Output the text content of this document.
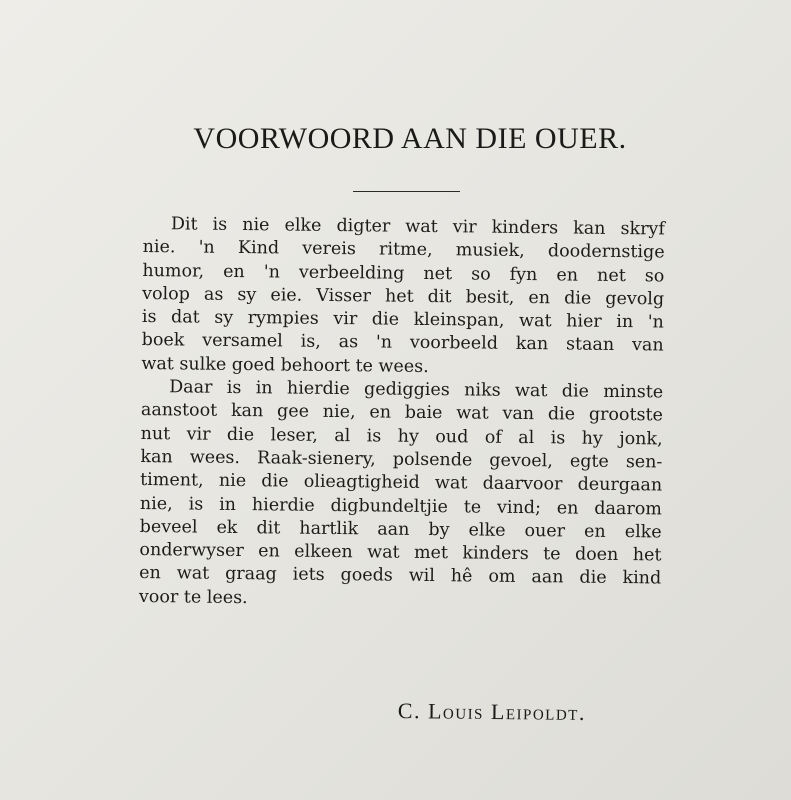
VOORWOORD AAN DIE OUER.
Dit is nie elke digter wat vir kinders kan skryf
nie. 'n Kind vereis ritme, musiek, doodernstige
humor, en 'n verbeelding net so fyn en net so
volop as sy eie. Visser het dit besit, en die gevolg
is dat sy rympies vir die kleinspan, wat hier in 'n
boek versamel is, as 'n voorbeeld kan staan van
wat sulke goed behoort te wees.
Daar is in hierdie gediggies niks wat die minste
aanstoot kan gee nie, en baie wat van die grootste
nut vir die leser, al is hy oud of al is hy jonk,
kan wees. Raak-sienery, polsende gevoel, egte sen-
timent, nie die olieagtigheid wat daarvoor deurgaan
nie, is in hierdie digbundeltjie te vind; en daarom
beveel ek dit hartlik aan by elke ouer en elke
onderwyser en elkeen wat met kinders te doen het
en wat graag iets goeds wil hê om aan die kind
voor te lees.
C. Louis Leipoldt.
